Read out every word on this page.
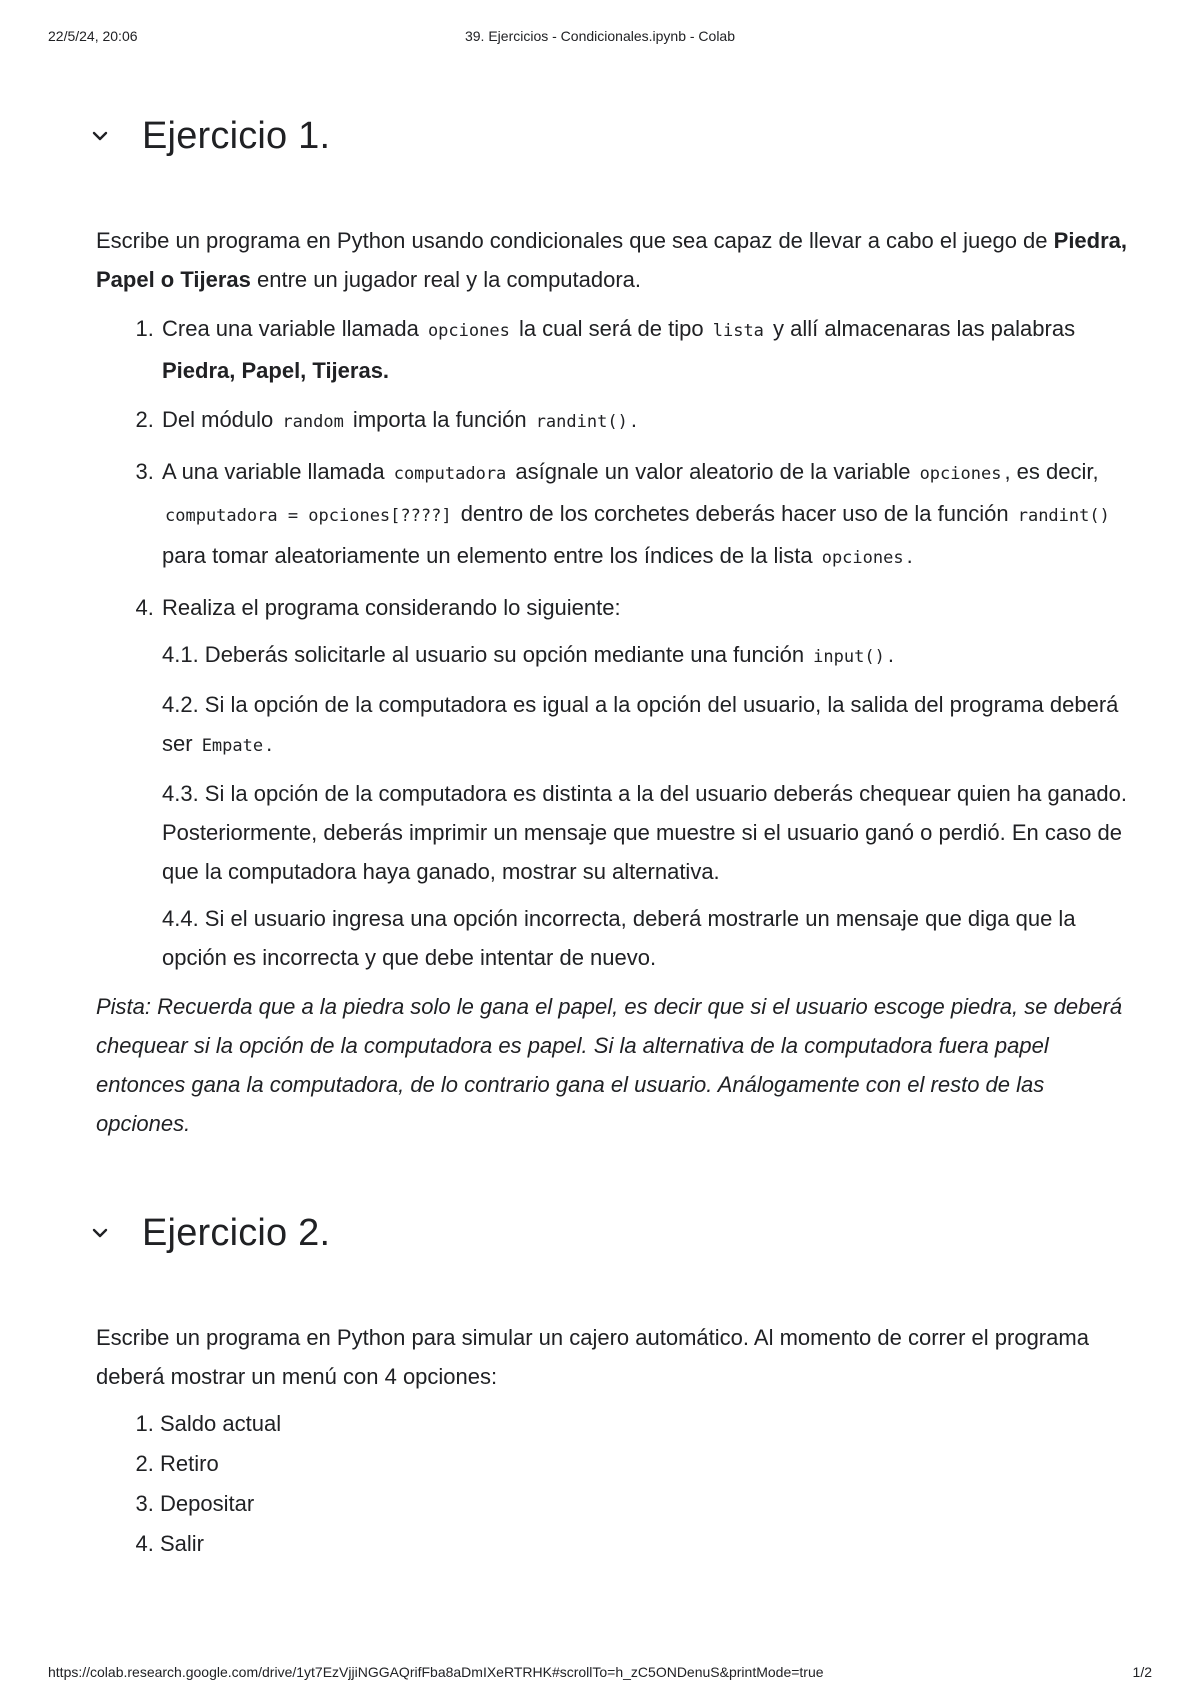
22/5/24, 20:06	39. Ejercicios - Condicionales.ipynb - Colab
Ejercicio 1.

Escribe un programa en Python usando condicionales que sea capaz de llevar a cabo el juego de Piedra, Papel o Tijeras entre un jugador real y la computadora.

1. Crea una variable llamada opciones la cual será de tipo lista y allí almacenaras las palabras Piedra, Papel, Tijeras.
2. Del módulo random importa la función randint() .
3. A una variable llamada computadora asígnale un valor aleatorio de la variable opciones , es decir, computadora = opciones[????] dentro de los corchetes deberás hacer uso de la función randint() para tomar aleatoriamente un elemento entre los índices de la lista opciones .
4. Realiza el programa considerando lo siguiente:

4.1. Deberás solicitarle al usuario su opción mediante una función input() .

4.2. Si la opción de la computadora es igual a la opción del usuario, la salida del programa deberá ser Empate .

4.3. Si la opción de la computadora es distinta a la del usuario deberás chequear quien ha ganado. Posteriormente, deberás imprimir un mensaje que muestre si el usuario ganó o perdió. En caso de que la computadora haya ganado, mostrar su alternativa.

4.4. Si el usuario ingresa una opción incorrecta, deberá mostrarle un mensaje que diga que la opción es incorrecta y que debe intentar de nuevo.

Pista: Recuerda que a la piedra solo le gana el papel, es decir que si el usuario escoge piedra, se deberá chequear si la opción de la computadora es papel. Si la alternativa de la computadora fuera papel entonces gana la computadora, de lo contrario gana el usuario. Análogamente con el resto de las opciones.

Ejercicio 2.

Escribe un programa en Python para simular un cajero automático. Al momento de correr el programa deberá mostrar un menú con 4 opciones:

1. Saldo actual
2. Retiro
3. Depositar
4. Salir
https://colab.research.google.com/drive/1yt7EzVjjiNGGAQrifFba8aDmIXeRTRHK#scrollTo=h_zC5ONDenuS&printMode=true	1/2
